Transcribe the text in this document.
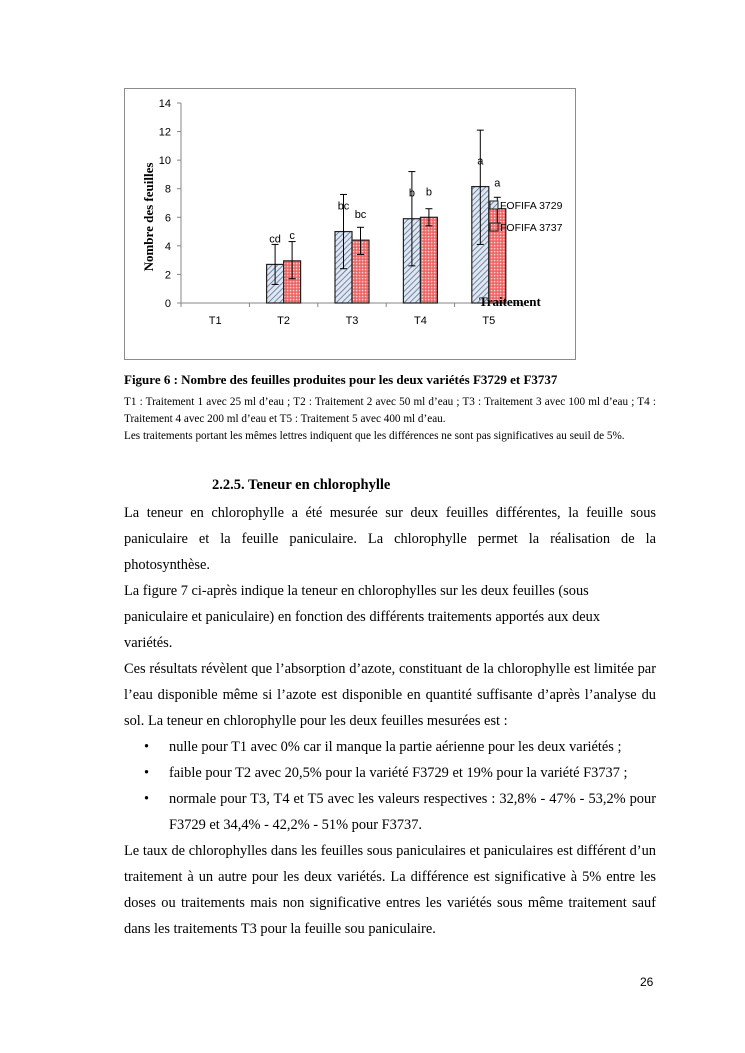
0
2
4
6
8
10
12
14
T1	T2	T3	T4	T5
Nombre des feuilles
Traitement
cd
bc
b
a
c
bc
b
a
FOFIFA 3729
FOFIFA 3737
Figure 6 : Nombre des feuilles produites pour les deux variétés F3729 et F3737

T1 : Traitement 1 avec 25 ml d’eau ; T2 : Traitement 2 avec 50 ml d’eau ; T3 : Traitement 3 avec 100 ml d’eau ; T4 : Traitement 4 avec 200 ml d’eau et T5 : Traitement 5 avec 400 ml d’eau.

Les traitements portant les mêmes lettres indiquent que les différences ne sont pas significatives au seuil de 5%.

2.2.5. Teneur en chlorophylle

La teneur en chlorophylle a été mesurée sur deux feuilles différentes, la feuille sous paniculaire et la feuille paniculaire. La chlorophylle permet la réalisation de la photosynthèse.

La figure 7 ci-après indique la teneur en chlorophylles sur les deux feuilles (sous
paniculaire et paniculaire) en fonction des différents traitements apportés aux deux
variétés.

Ces résultats révèlent que l’absorption d’azote, constituant de la chlorophylle est limitée par l’eau disponible même si l’azote est disponible en quantité suffisante d’après l’analyse du sol. La teneur en chlorophylle pour les deux feuilles mesurées est :

• nulle pour T1 avec 0% car il manque la partie aérienne pour les deux variétés ;
• faible pour T2 avec 20,5% pour la variété F3729 et 19% pour la variété F3737 ;
• normale pour T3, T4 et T5 avec les valeurs respectives : 32,8% - 47% - 53,2% pour F3729 et 34,4% - 42,2% - 51% pour F3737.

Le taux de chlorophylles dans les feuilles sous paniculaires et paniculaires est différent d’un traitement à un autre pour les deux variétés. La différence est significative à 5% entre les doses ou traitements mais non significative entres les variétés sous même traitement sauf dans les traitements T3 pour la feuille sou paniculaire.

26
